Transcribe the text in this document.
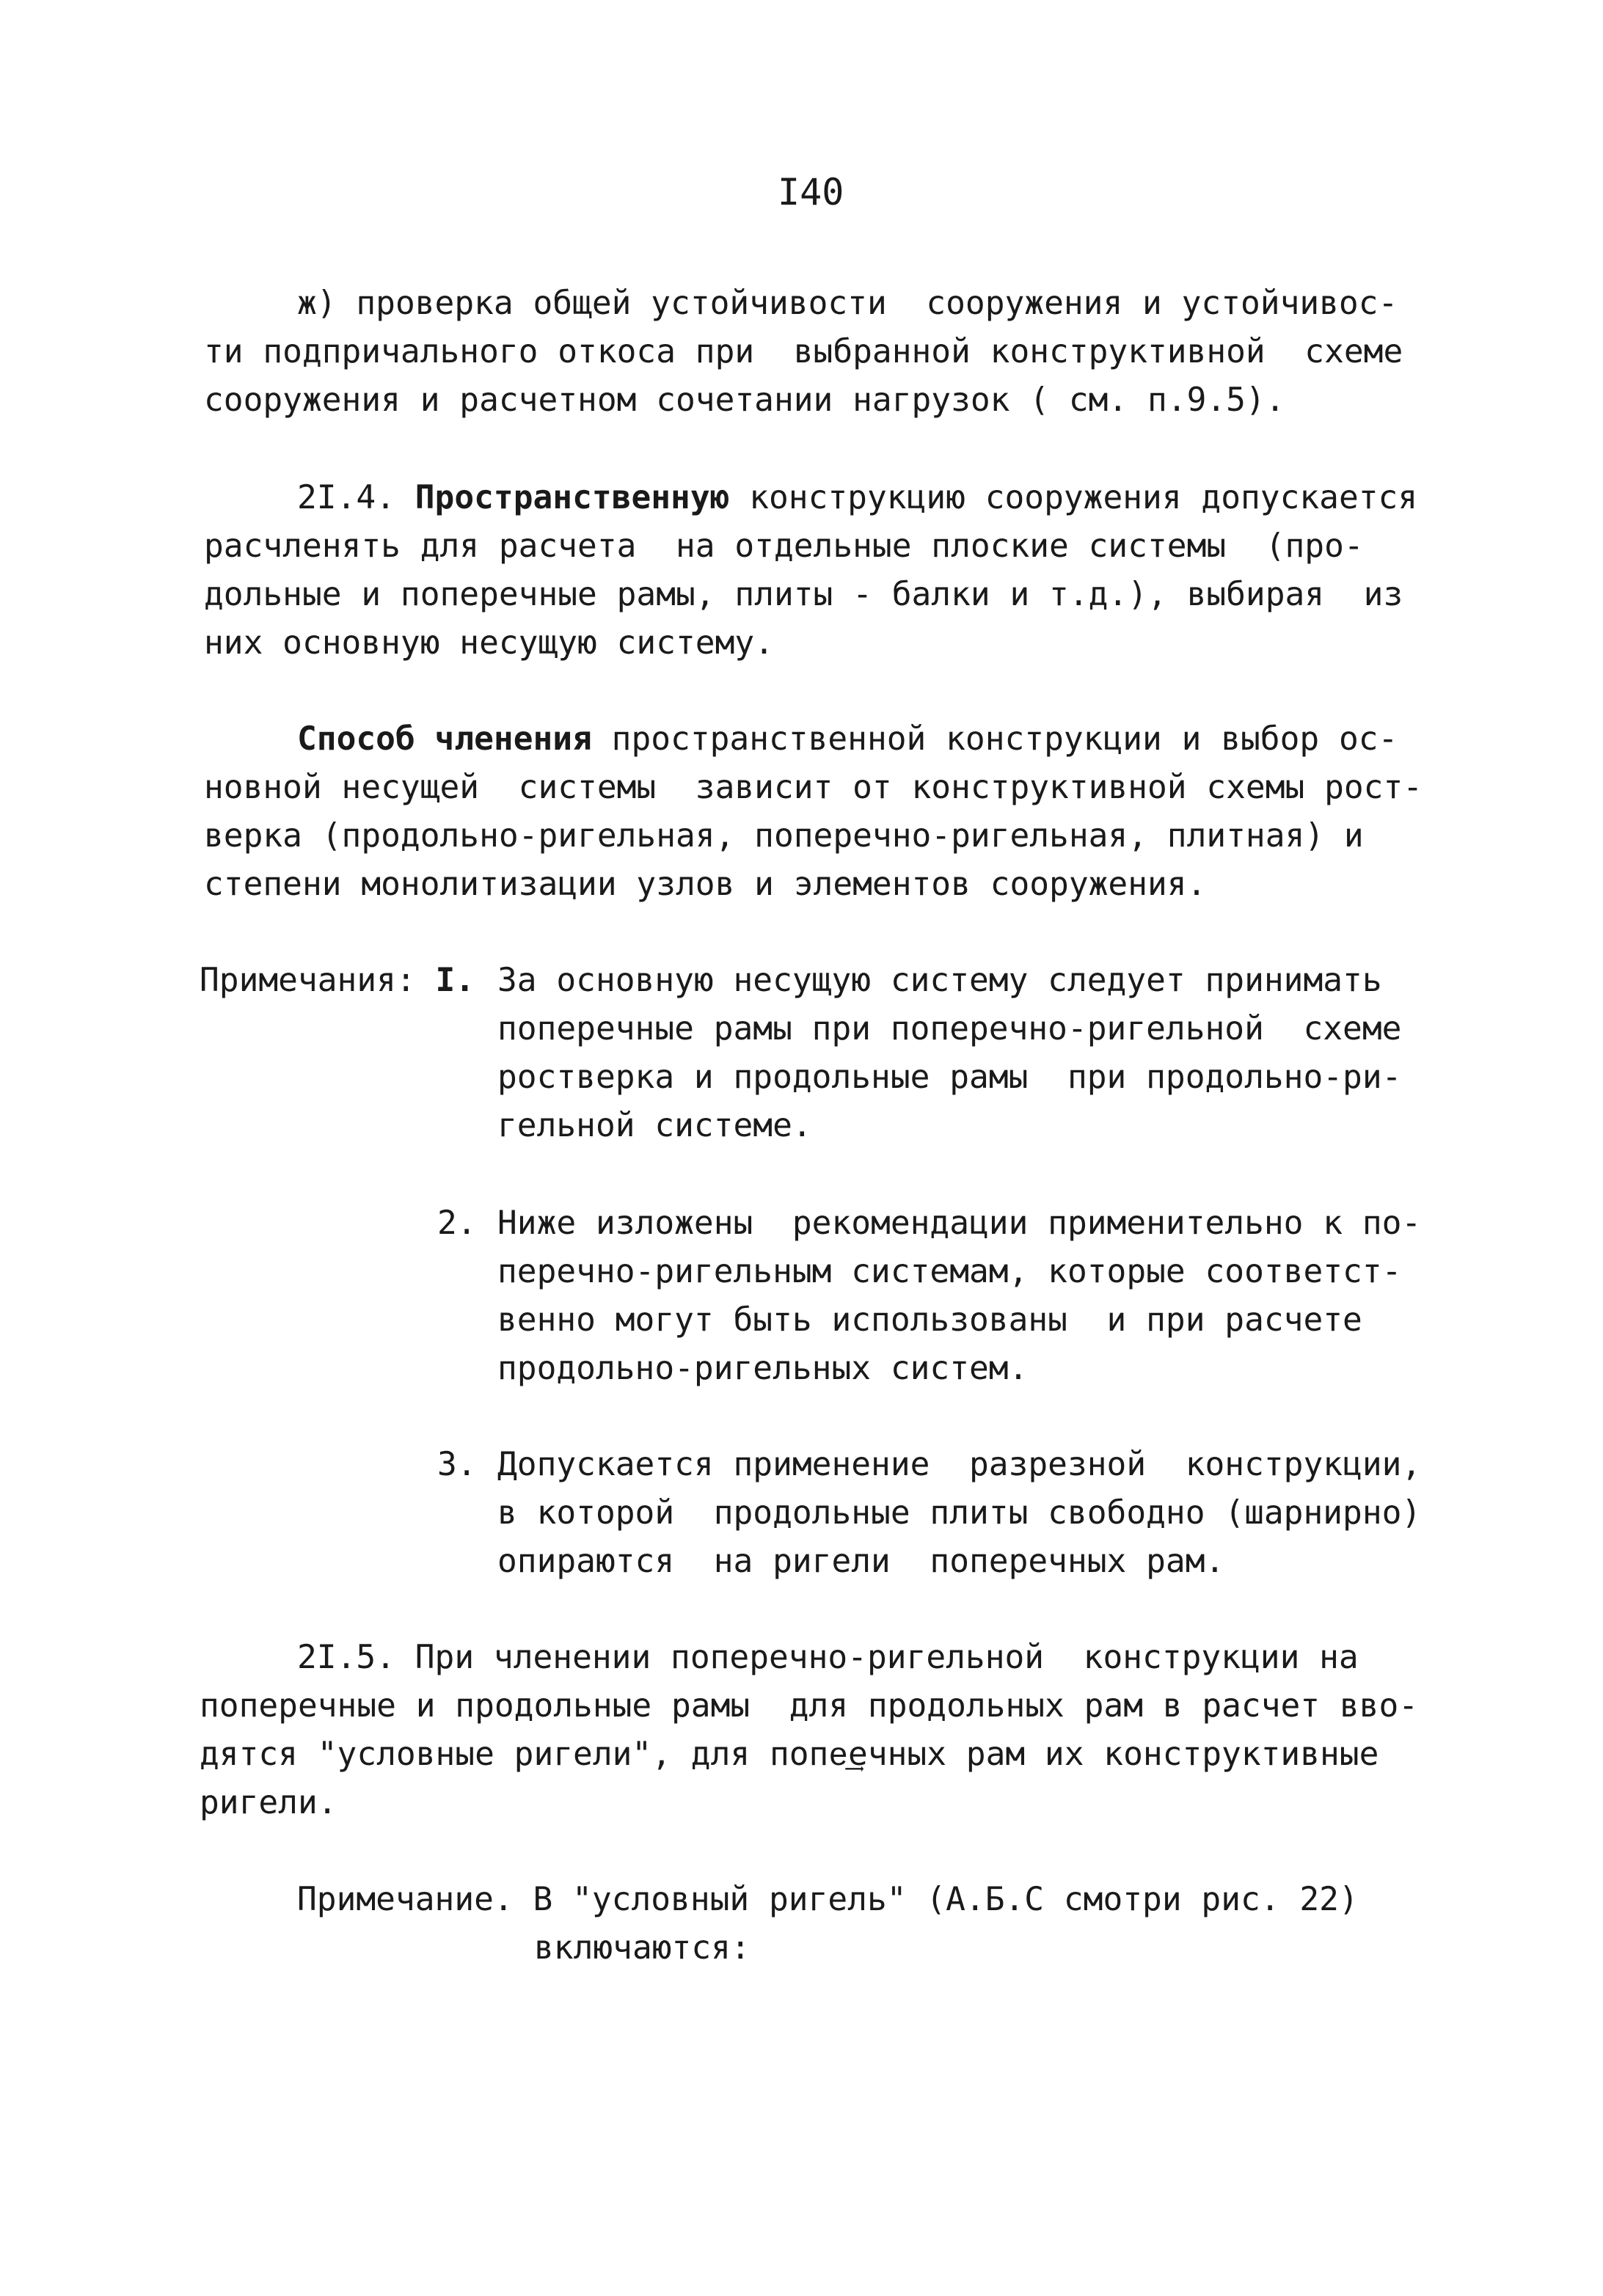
I40
ж) проверка общей устойчивости  сооружения и устойчивос-
ти подпричального откоса при  выбранной конструктивной  схеме
сооружения и расчетном сочетании нагрузок ( см. п.9.5).
2I.4. Пространственную конструкцию сооружения допускается
расчленять для расчета  на отдельные плоские системы  (про-
дольные и поперечные рамы, плиты - балки и т.д.), выбирая  из
них основную несущую систему.
Способ членения пространственной конструкции и выбор ос-
новной несущей  системы  зависит от конструктивной схемы рост-
верка (продольно-ригельная, поперечно-ригельная, плитная) и
степени монолитизации узлов и элементов сооружения.
Примечания: I. За основную несущую систему следует принимать
поперечные рамы при поперечно-ригельной  схеме
ростверка и продольные рамы  при продольно-ри-
гельной системе.
2. Ниже изложены  рекомендации применительно к по-
перечно-ригельным системам, которые соответст-
венно могут быть использованы  и при расчете
продольно-ригельных систем.
3. Допускается применение  разрезной  конструкции,
в которой  продольные плиты свободно (шарнирно)
опираются  на ригели  поперечных рам.
2I.5. При членении поперечно-ригельной  конструкции на
поперечные и продольные рамы  для продольных рам в расчет вво-
дятся "условные ригели", для попе͢ечных рам их конструктивные
ригели.
Примечание. В "условный ригель" (А.Б.С смотри рис. 22)
включаются:
